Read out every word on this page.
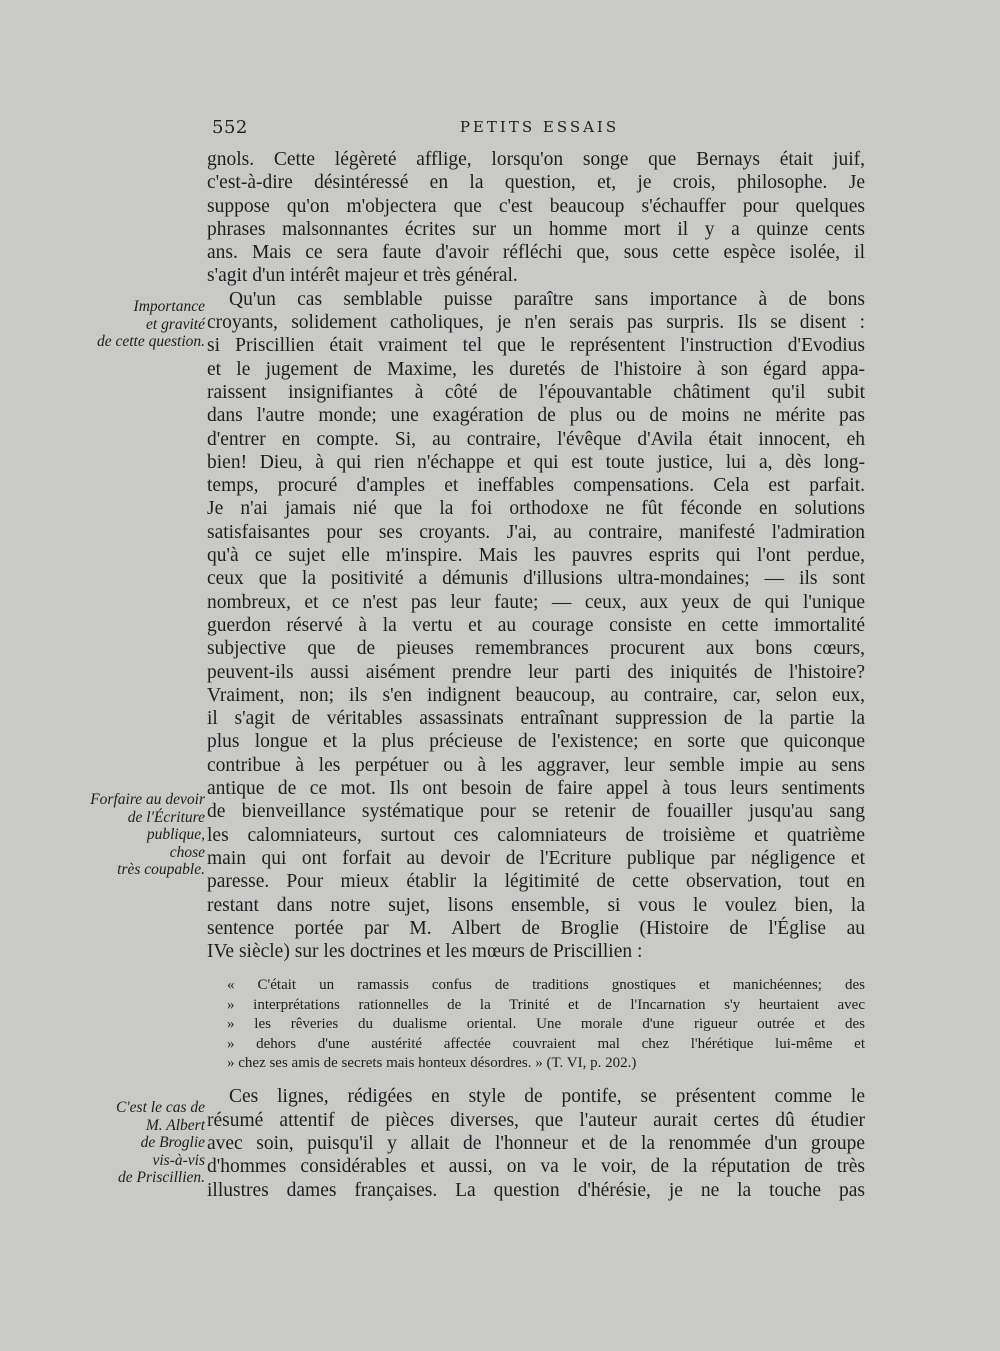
552	PETITS ESSAIS
Importance
et gravité
de cette question.
Forfaire au devoir
de l'Écriture
publique,
chose
très coupable.
C'est le cas de
M. Albert
de Broglie
vis-à-vis
de Priscillien.
gnols. Cette légèreté afflige, lorsqu'on songe que Bernays était juif,
c'est-à-dire désintéressé en la question, et, je crois, philosophe. Je
suppose qu'on m'objectera que c'est beaucoup s'échauffer pour quelques
phrases malsonnantes écrites sur un homme mort il y a quinze cents
ans. Mais ce sera faute d'avoir réfléchi que, sous cette espèce isolée, il
s'agit d'un intérêt majeur et très général.
Qu'un cas semblable puisse paraître sans importance à de bons
croyants, solidement catholiques, je n'en serais pas surpris. Ils se disent :
si Priscillien était vraiment tel que le représentent l'instruction d'Evodius
et le jugement de Maxime, les duretés de l'histoire à son égard appa-
raissent insignifiantes à côté de l'épouvantable châtiment qu'il subit
dans l'autre monde; une exagération de plus ou de moins ne mérite pas
d'entrer en compte. Si, au contraire, l'évêque d'Avila était innocent, eh
bien! Dieu, à qui rien n'échappe et qui est toute justice, lui a, dès long-
temps, procuré d'amples et ineffables compensations. Cela est parfait.
Je n'ai jamais nié que la foi orthodoxe ne fût féconde en solutions
satisfaisantes pour ses croyants. J'ai, au contraire, manifesté l'admiration
qu'à ce sujet elle m'inspire. Mais les pauvres esprits qui l'ont perdue,
ceux que la positivité a démunis d'illusions ultra-mondaines; — ils sont
nombreux, et ce n'est pas leur faute; — ceux, aux yeux de qui l'unique
guerdon réservé à la vertu et au courage consiste en cette immortalité
subjective que de pieuses remembrances procurent aux bons cœurs,
peuvent-ils aussi aisément prendre leur parti des iniquités de l'histoire?
Vraiment, non; ils s'en indignent beaucoup, au contraire, car, selon eux,
il s'agit de véritables assassinats entraînant suppression de la partie la
plus longue et la plus précieuse de l'existence; en sorte que quiconque
contribue à les perpétuer ou à les aggraver, leur semble impie au sens
antique de ce mot. Ils ont besoin de faire appel à tous leurs sentiments
de bienveillance systématique pour se retenir de fouailler jusqu'au sang
les calomniateurs, surtout ces calomniateurs de troisième et quatrième
main qui ont forfait au devoir de l'Ecriture publique par négligence et
paresse. Pour mieux établir la légitimité de cette observation, tout en
restant dans notre sujet, lisons ensemble, si vous le voulez bien, la
sentence portée par M. Albert de Broglie (Histoire de l'Église au
IVe siècle) sur les doctrines et les mœurs de Priscillien :
« C'était un ramassis confus de traditions gnostiques et manichéennes; des
» interprétations rationnelles de la Trinité et de l'Incarnation s'y heurtaient avec
» les rêveries du dualisme oriental. Une morale d'une rigueur outrée et des
» dehors d'une austérité affectée couvraient mal chez l'hérétique lui-même et
» chez ses amis de secrets mais honteux désordres. » (T. VI, p. 202.)
Ces lignes, rédigées en style de pontife, se présentent comme le
résumé attentif de pièces diverses, que l'auteur aurait certes dû étudier
avec soin, puisqu'il y allait de l'honneur et de la renommée d'un groupe
d'hommes considérables et aussi, on va le voir, de la réputation de très
illustres dames françaises. La question d'hérésie, je ne la touche pas
